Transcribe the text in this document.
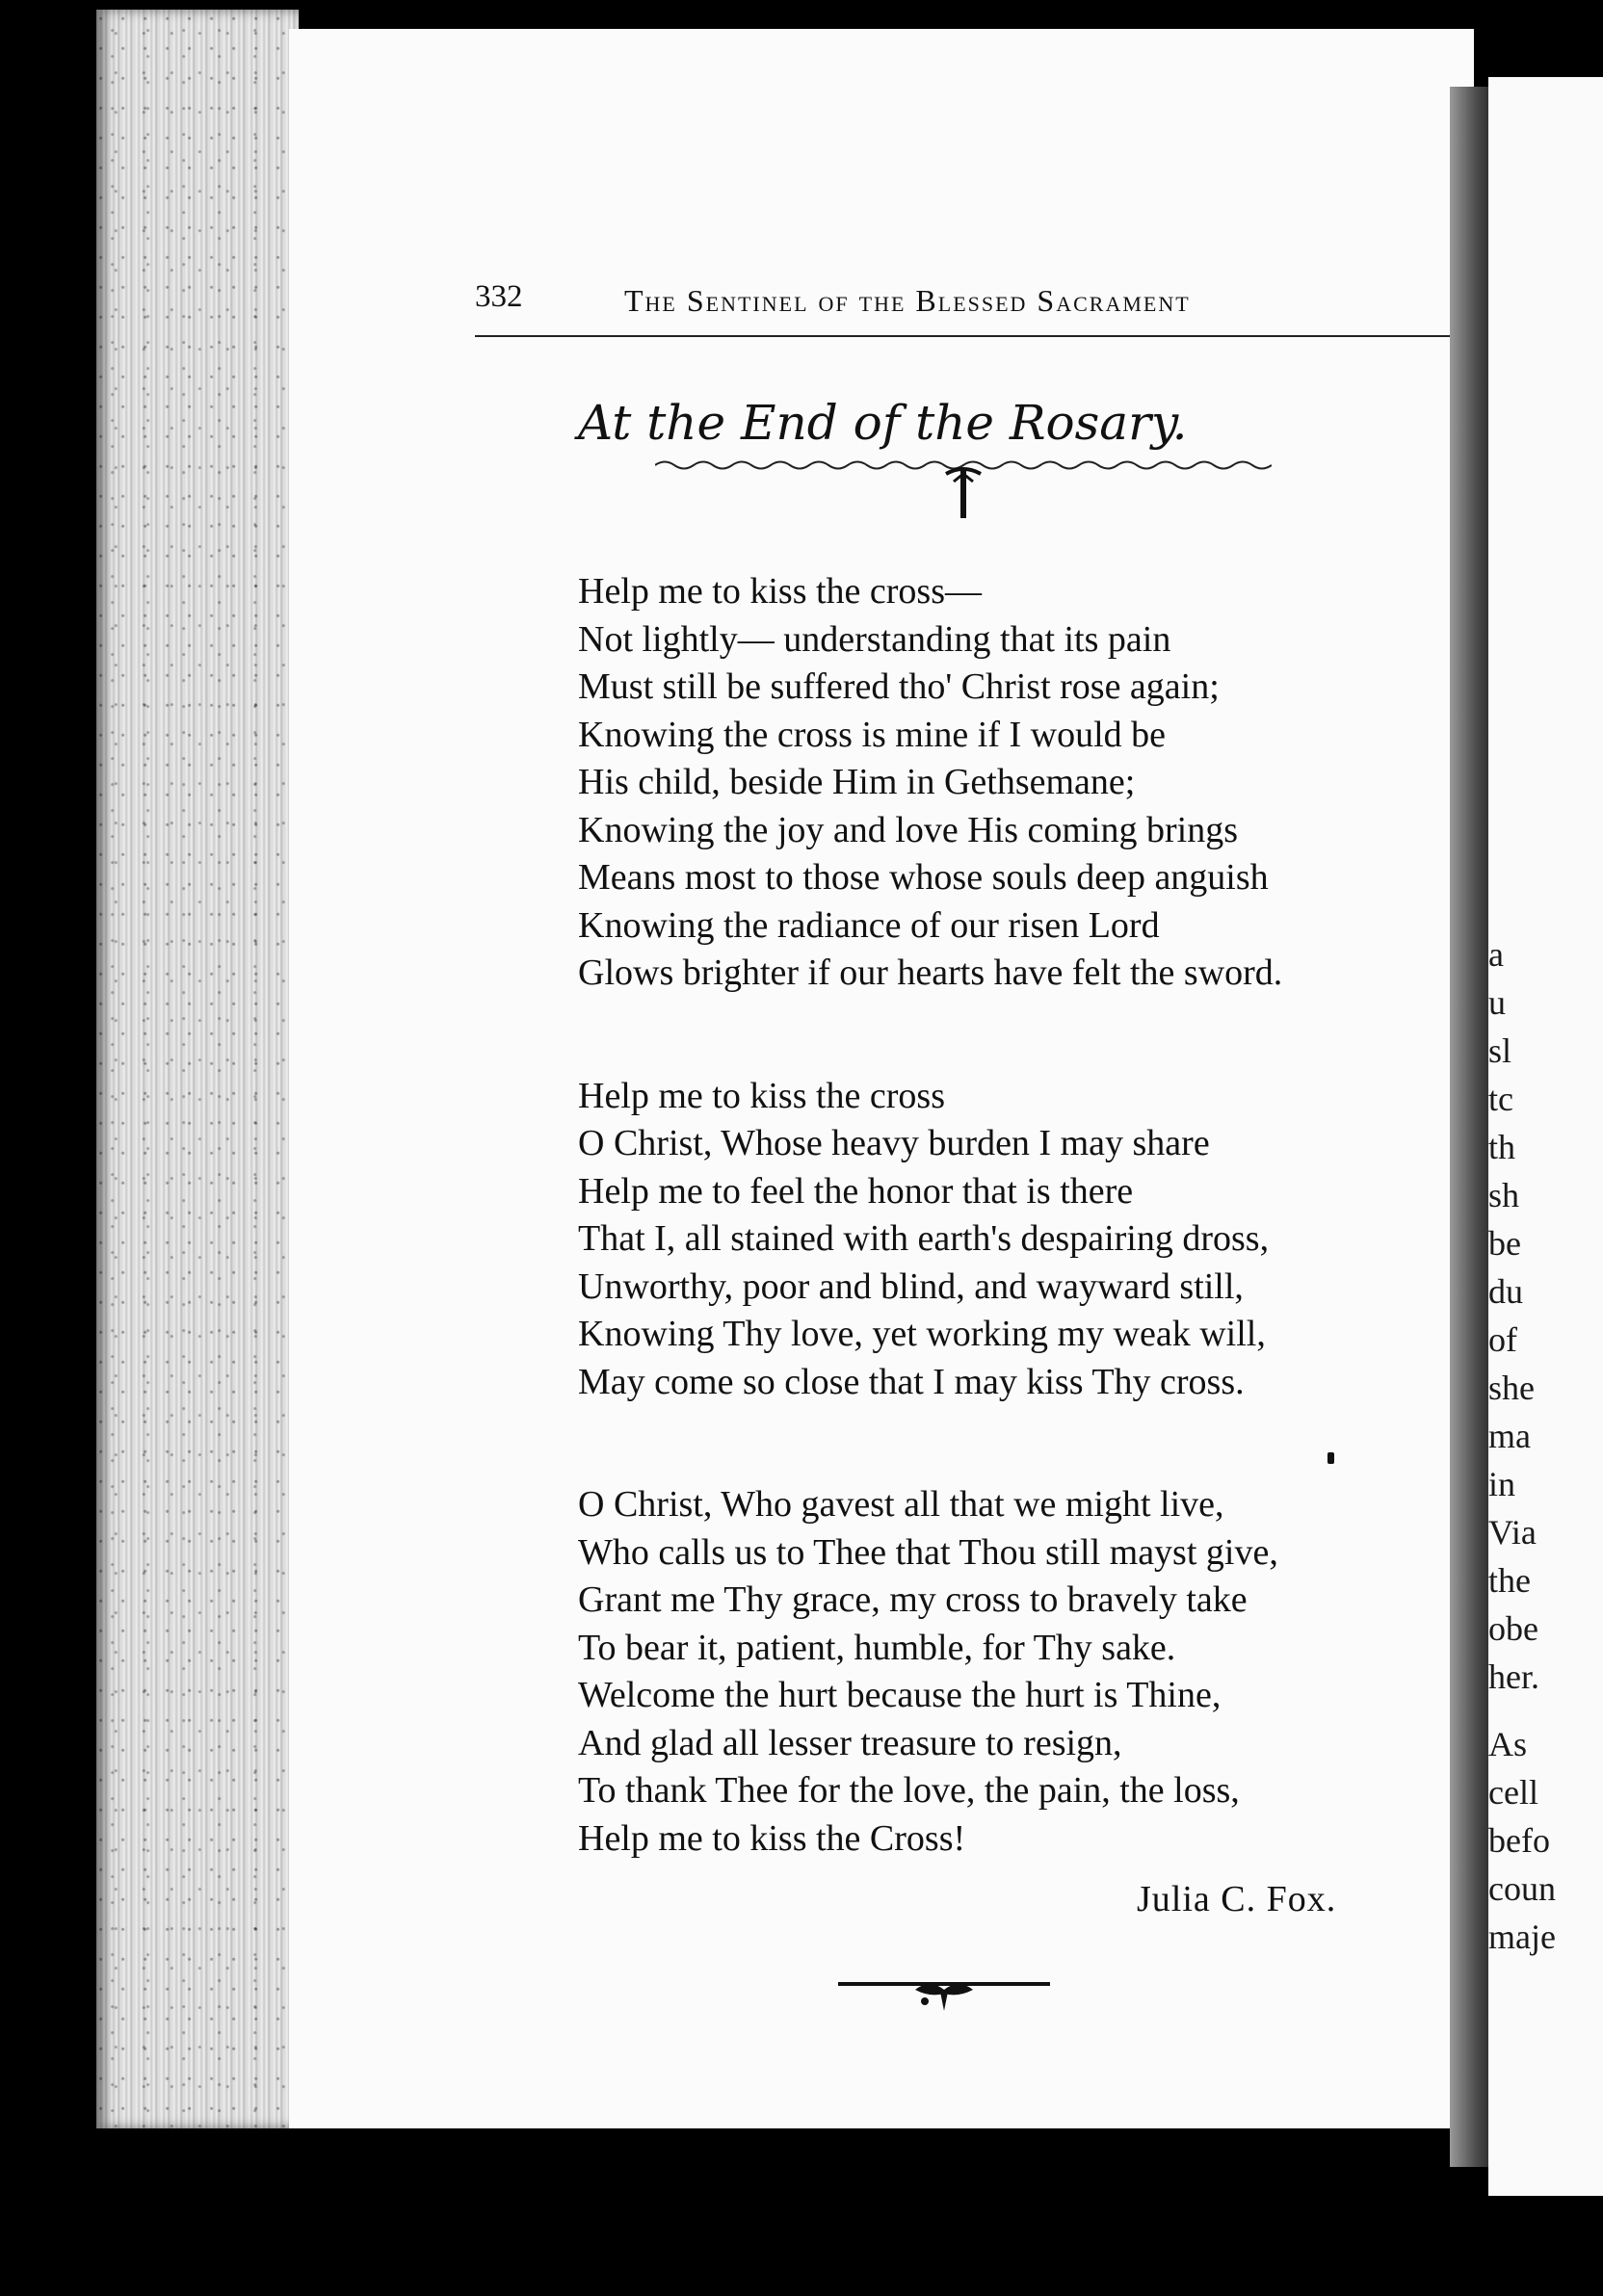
a
u
sl
tc
th
sh
be
du
of
she
ma
in
Via
the
obe
her.
As
cell
befo
coun
maje
332	The Sentinel of the Blessed Sacrament
At the End of the Rosary.
Help me to kiss the cross—
Not lightly— understanding that its pain
Must still be suffered tho' Christ rose again;
Knowing the cross is mine if I would be
His child, beside Him in Gethsemane;
Knowing the joy and love His coming brings
Means most to those whose souls deep anguish
Knowing the radiance of our risen Lord
Glows brighter if our hearts have felt the sword.
Help me to kiss the cross
O Christ, Whose heavy burden I may share
Help me to feel the honor that is there
That I, all stained with earth's despairing dross,
Unworthy, poor and blind, and wayward still,
Knowing Thy love, yet working my weak will,
May come so close that I may kiss Thy cross.
O Christ, Who gavest all that we might live,
Who calls us to Thee that Thou still mayst give,
Grant me Thy grace, my cross to bravely take
To bear it, patient, humble, for Thy sake.
Welcome the hurt because the hurt is Thine,
And glad all lesser treasure to resign,
To thank Thee for the love, the pain, the loss,
Help me to kiss the Cross!
Julia C. Fox.
